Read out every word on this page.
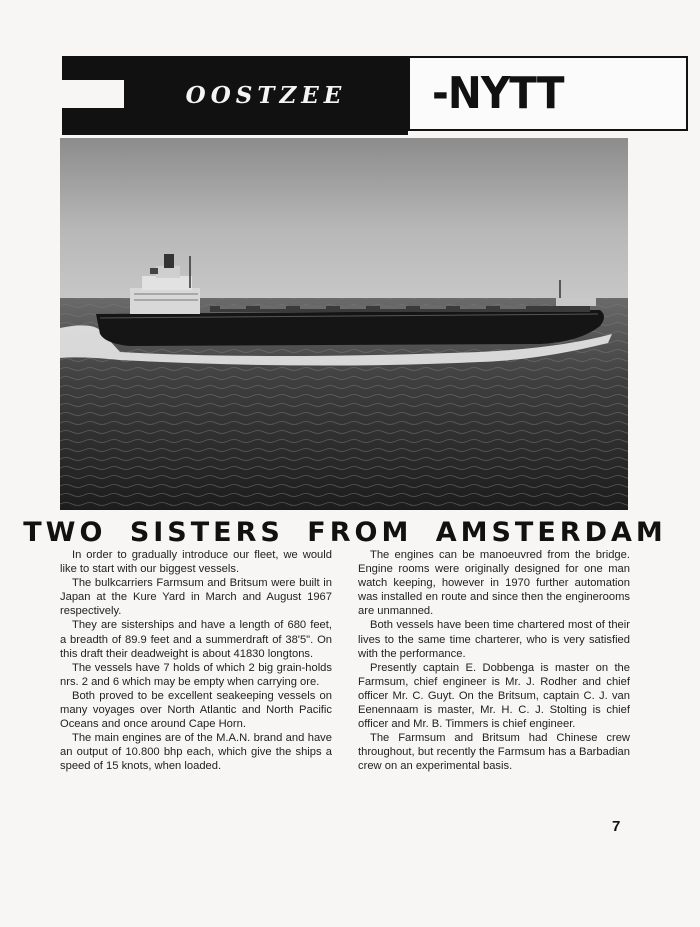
OOSTZEE -NYTT
TWO SISTERS FROM AMSTERDAM

In order to gradually introduce our fleet, we would like to start with our biggest vessels.

The bulkcarriers Farmsum and Britsum were built in Japan at the Kure Yard in March and August 1967 respectively.

They are sisterships and have a length of 680 feet, a breadth of 89.9 feet and a summerdraft of 38'5". On this draft their deadweight is about 41830 longtons.

The vessels have 7 holds of which 2 big grain-holds nrs. 2 and 6 which may be empty when carrying ore.

Both proved to be excellent seakeeping vessels on many voyages over North Atlantic and North Pacific Oceans and once around Cape Horn.

The main engines are of the M.A.N. brand and have an output of 10.800 bhp each, which give the ships a speed of 15 knots, when loaded.

The engines can be manoeuvred from the bridge. Engine rooms were originally designed for one man watch keeping, however in 1970 further automation was installed en route and since then the enginerooms are unmanned.

Both vessels have been time chartered most of their lives to the same time charterer, who is very satisfied with the performance.

Presently captain E. Dobbenga is master on the Farmsum, chief engineer is Mr. J. Rodher and chief officer Mr. C. Guyt. On the Britsum, captain C. J. van Eenennaam is master, Mr. H. C. J. Stolting is chief officer and Mr. B. Timmers is chief engineer.

The Farmsum and Britsum had Chinese crew throughout, but recently the Farmsum has a Barbadian crew on an experimental basis.

7
